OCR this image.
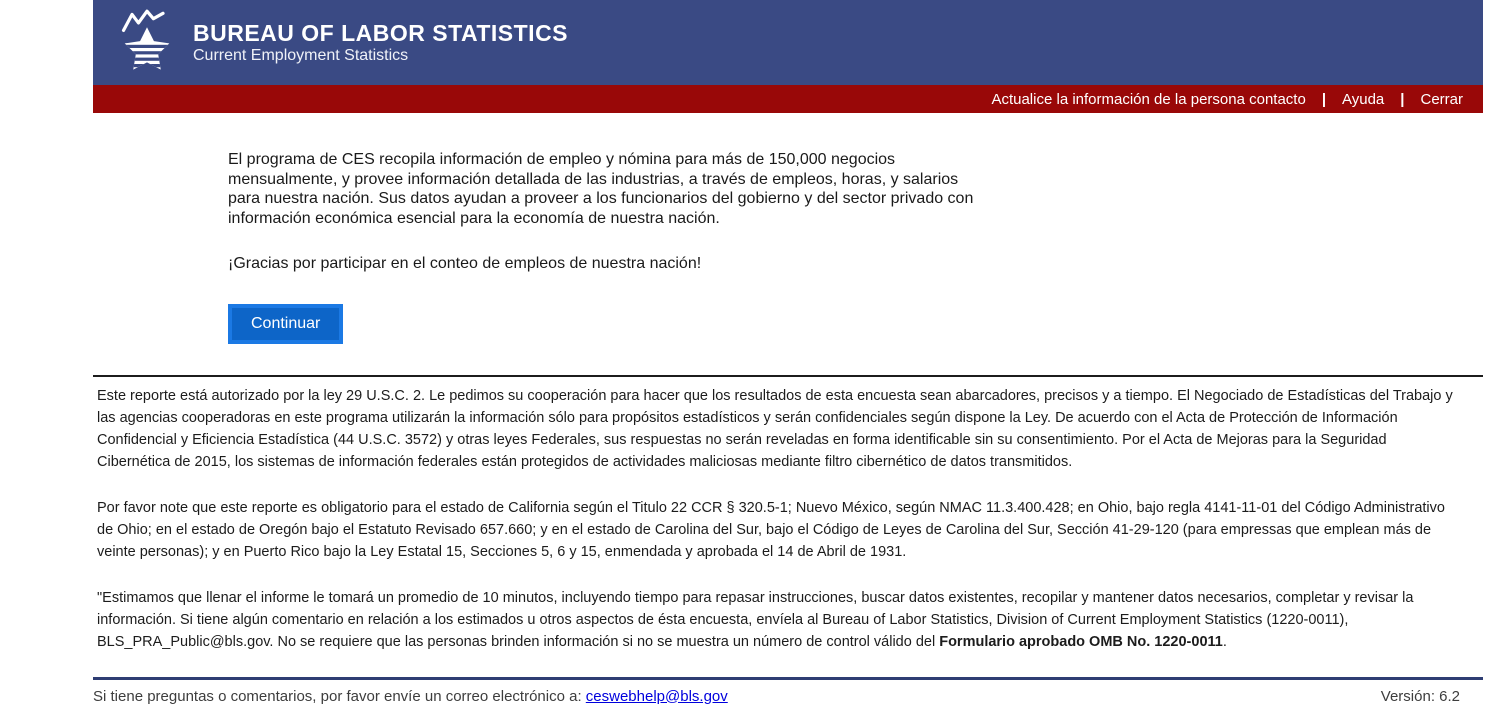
BUREAU OF LABOR STATISTICS
Current Employment Statistics
Actualice la información de la persona contacto | Ayuda | Cerrar

El programa de CES recopila información de empleo y nómina para más de 150,000 negocios mensualmente, y provee información detallada de las industrias, a través de empleos, horas, y salarios para nuestra nación. Sus datos ayudan a proveer a los funcionarios del gobierno y del sector privado con información económica esencial para la economía de nuestra nación.

¡Gracias por participar en el conteo de empleos de nuestra nación!

Continuar

Este reporte está autorizado por la ley 29 U.S.C. 2. Le pedimos su cooperación para hacer que los resultados de esta encuesta sean abarcadores, precisos y a tiempo. El Negociado de Estadísticas del Trabajo y las agencias cooperadoras en este programa utilizarán la información sólo para propósitos estadísticos y serán confidenciales según dispone la Ley. De acuerdo con el Acta de Protección de Información Confidencial y Eficiencia Estadística (44 U.S.C. 3572) y otras leyes Federales, sus respuestas no serán reveladas en forma identificable sin su consentimiento. Por el Acta de Mejoras para la Seguridad Cibernética de 2015, los sistemas de información federales están protegidos de actividades maliciosas mediante filtro cibernético de datos transmitidos.

Por favor note que este reporte es obligatorio para el estado de California según el Titulo 22 CCR § 320.5-1; Nuevo México, según NMAC 11.3.400.428; en Ohio, bajo regla 4141-11-01 del Código Administrativo de Ohio; en el estado de Oregón bajo el Estatuto Revisado 657.660; y en el estado de Carolina del Sur, bajo el Código de Leyes de Carolina del Sur, Sección 41-29-120 (para empressas que emplean más de veinte personas); y en Puerto Rico bajo la Ley Estatal 15, Secciones 5, 6 y 15, enmendada y aprobada el 14 de Abril de 1931.

"Estimamos que llenar el informe le tomará un promedio de 10 minutos, incluyendo tiempo para repasar instrucciones, buscar datos existentes, recopilar y mantener datos necesarios, completar y revisar la información. Si tiene algún comentario en relación a los estimados u otros aspectos de ésta encuesta, envíela al Bureau of Labor Statistics, Division of Current Employment Statistics (1220-0011), BLS_PRA_Public@bls.gov. No se requiere que las personas brinden información si no se muestra un número de control válido del Formulario aprobado OMB No. 1220-0011.

Si tiene preguntas o comentarios, por favor envíe un correo electrónico a: ceswebhelp@bls.gov	Versión: 6.2
